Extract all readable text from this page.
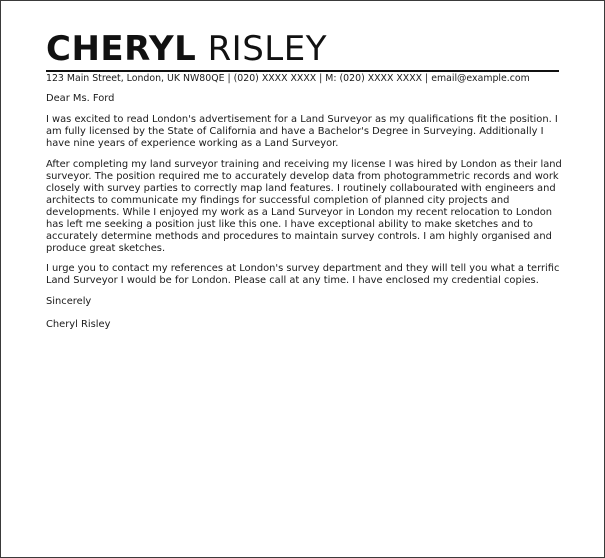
CHERYL RISLEY
123 Main Street, London, UK NW80QE | (020) XXXX XXXX | M: (020) XXXX XXXX | email@example.com

Dear Ms. Ford

I was excited to read London's advertisement for a Land Surveyor as my qualifications fit the position. I am fully licensed by the State of California and have a Bachelor's Degree in Surveying. Additionally I have nine years of experience working as a Land Surveyor.

After completing my land surveyor training and receiving my license I was hired by London as their land surveyor. The position required me to accurately develop data from photogrammetric records and work closely with survey parties to correctly map land features. I routinely collabourated with engineers and architects to communicate my findings for successful completion of planned city projects and developments. While I enjoyed my work as a Land Surveyor in London my recent relocation to London has left me seeking a position just like this one. I have exceptional ability to make sketches and to accurately determine methods and procedures to maintain survey controls. I am highly organised and produce great sketches.

I urge you to contact my references at London's survey department and they will tell you what a terrific Land Surveyor I would be for London. Please call at any time. I have enclosed my credential copies.

Sincerely

Cheryl Risley
